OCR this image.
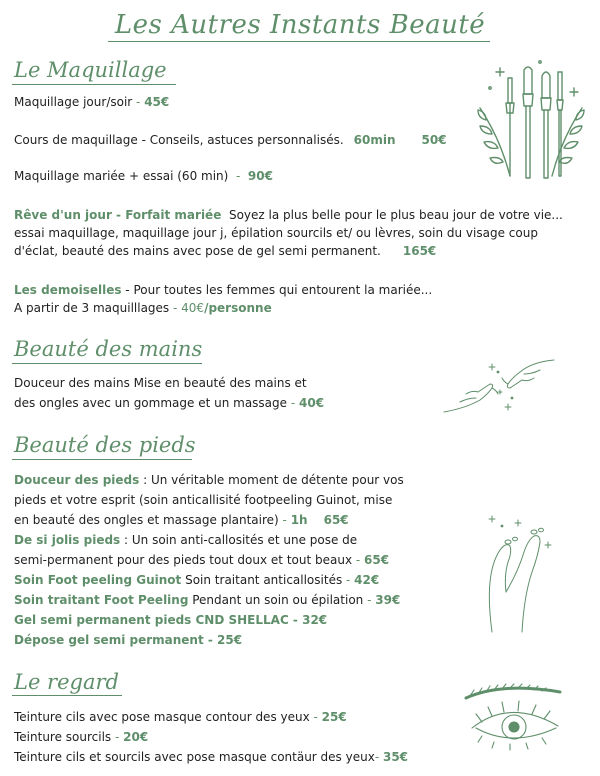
Les Autres Instants Beauté
Le Maquillage
Maquillage jour/soir - 45€
Cours de maquillage - Conseils, astuces personnalisés. 60min 50€
Maquillage mariée + essai (60 min)  -  90€
Rêve d'un jour - Forfait mariée  Soyez la plus belle pour le plus beau jour de votre vie...
essai maquillage, maquillage jour j, épilation sourcils et/ ou lèvres, soin du visage coup
d'éclat, beauté des mains avec pose de gel semi permanent. 165€
Les demoiselles - Pour toutes les femmes qui entourent la mariée...
A partir de 3 maquilllages - 40€/personne
Beauté des mains
Douceur des mains Mise en beauté des mains et
des ongles avec un gommage et un massage - 40€
Beauté des pieds
Douceur des pieds : Un véritable moment de détente pour vos
pieds et votre esprit (soin anticallisité footpeeling Guinot, mise
en beauté des ongles et massage plantaire) - 1h 65€
De si jolis pieds : Un soin anti-callosités et une pose de
semi-permanent pour des pieds tout doux et tout beaux - 65€
Soin Foot peeling Guinot Soin traitant anticallosités - 42€
Soin traitant Foot Peeling Pendant un soin ou épilation - 39€
Gel semi permanent pieds CND SHELLAC - 32€
Dépose gel semi permanent - 25€
Le regard
Teinture cils avec pose masque contour des yeux - 25€
Teinture sourcils - 20€
Teinture cils et sourcils avec pose masque contäur des yeux- 35€
